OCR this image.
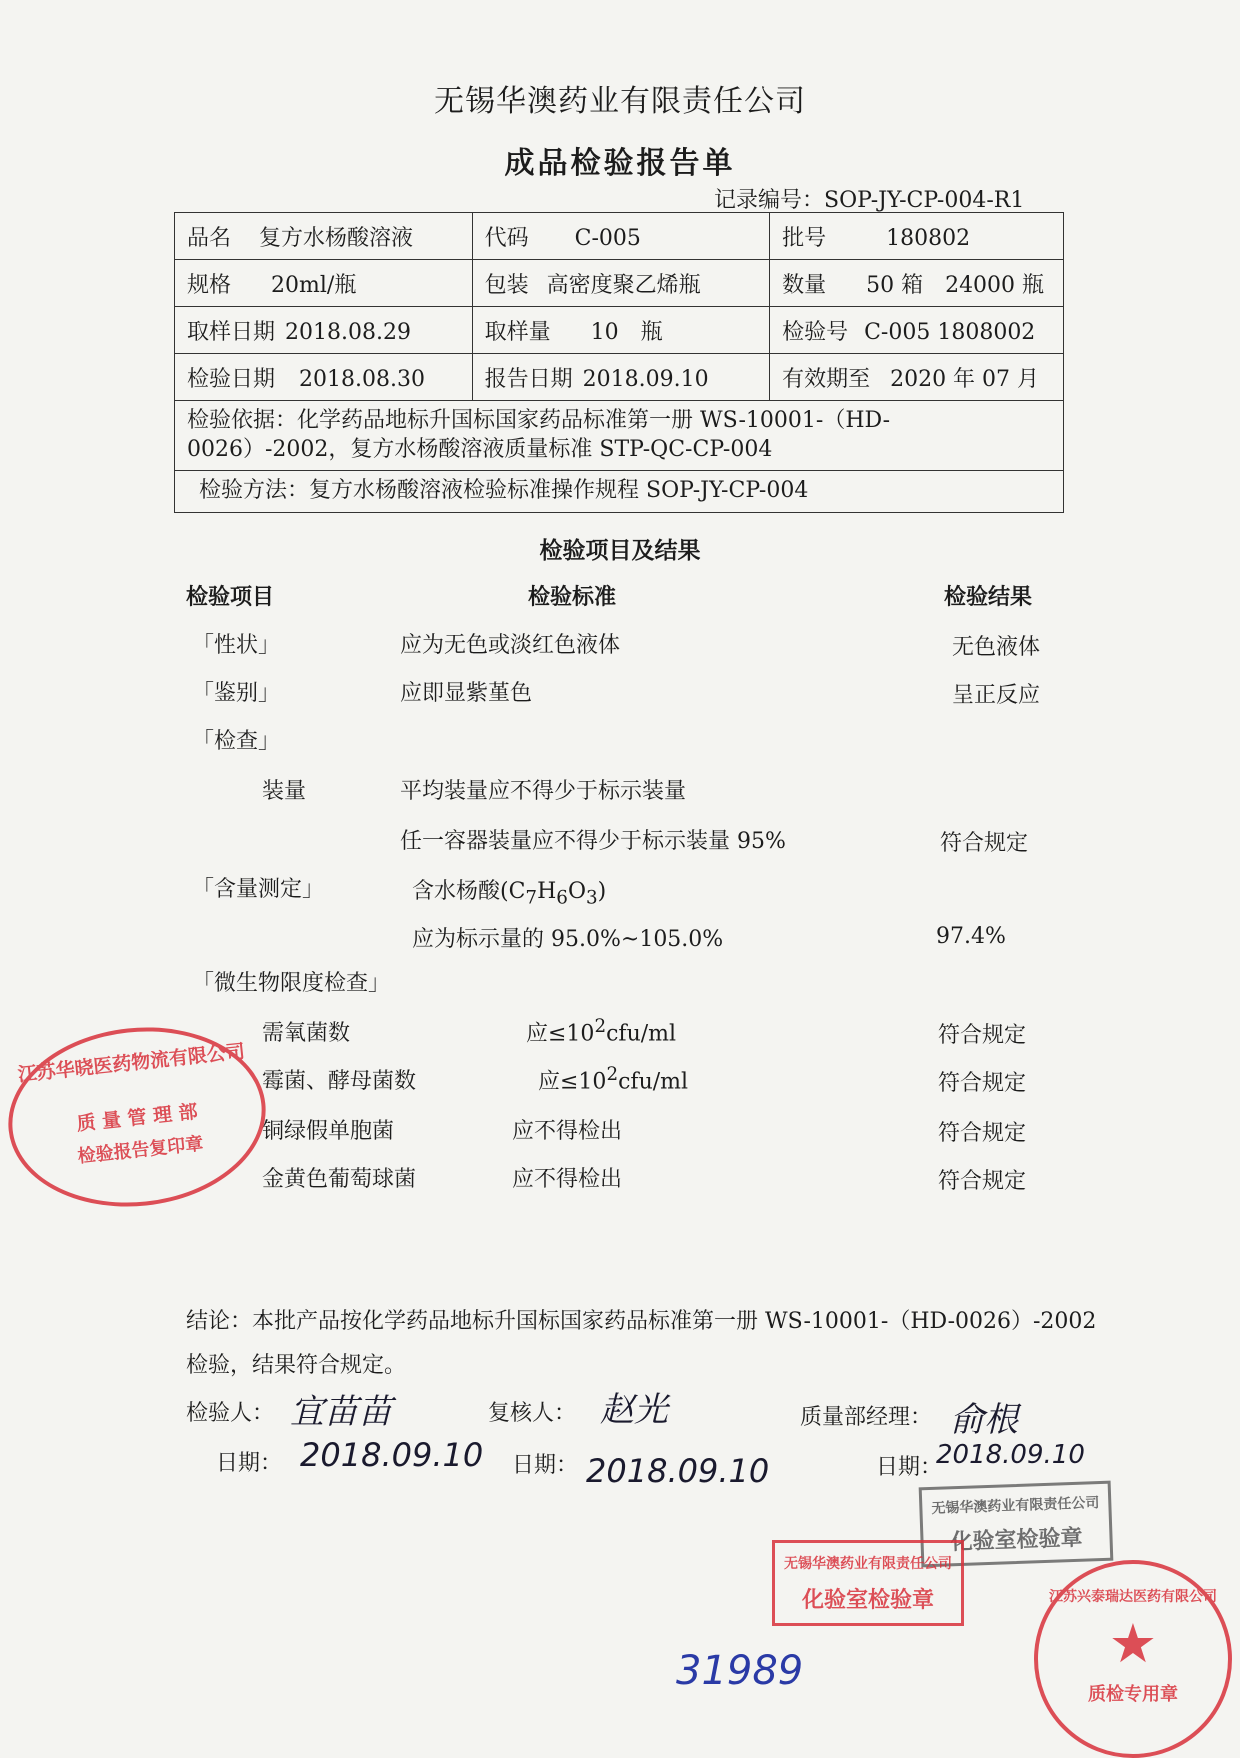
无锡华澳药业有限责任公司
成品检验报告单
记录编号：SOP-JY-CP-004-R1
品名 复方水杨酸溶液	代码 C-005	批号 180802
规格 20ml/瓶	包装 高密度聚乙烯瓶	数量 50 箱　24000 瓶
取样日期 2018.08.29	取样量 10　瓶	检验号 C-005 1808002
检验日期 2018.08.30	报告日期 2018.09.10	有效期至 2020 年 07 月
检验依据：化学药品地标升国标国家药品标准第一册 WS-10001-（HD-0026）-2002，复方水杨酸溶液质量标准 STP-QC-CP-004		
检验方法：复方水杨酸溶液检验标准操作规程 SOP-JY-CP-004		
检验项目及结果
检验项目	检验标准	检验结果
「性状」	应为无色或淡红色液体	无色液体
「鉴别」	应即显紫堇色	呈正反应
「检查」
装量	平均装量应不得少于标示装量
任一容器装量应不得少于标示装量 95%	符合规定
「含量测定」	含水杨酸$(C_7H_6O_3)$
应为标示量的 95.0%~105.0%	97.4%
「微生物限度检查」
需氧菌数	应$\le 10^2cfu/ml$	符合规定
霉菌、酵母菌数	应$\le 10^2cfu/ml$	符合规定
铜绿假单胞菌	应不得检出	符合规定
金黄色葡萄球菌	应不得检出	符合规定
结论：本批产品按化学药品地标升国标国家药品标准第一册 WS-10001-（HD-0026）-2002 检验，结果符合规定。
检验人： 宜苗苗	复核人： 赵光	质量部经理： 俞根
日期： 2018.09.10 日期： 2018.09.10	日期：
2018.09.10
江苏华晓医药物流有限公司
质 量 管 理 部
检验报告复印章
无锡华澳药业有限责任公司
化验室检验章
无锡华澳药业有限责任公司
化验室检验章	江苏兴泰瑞达医药有限公司
★
质检专用章
31989
